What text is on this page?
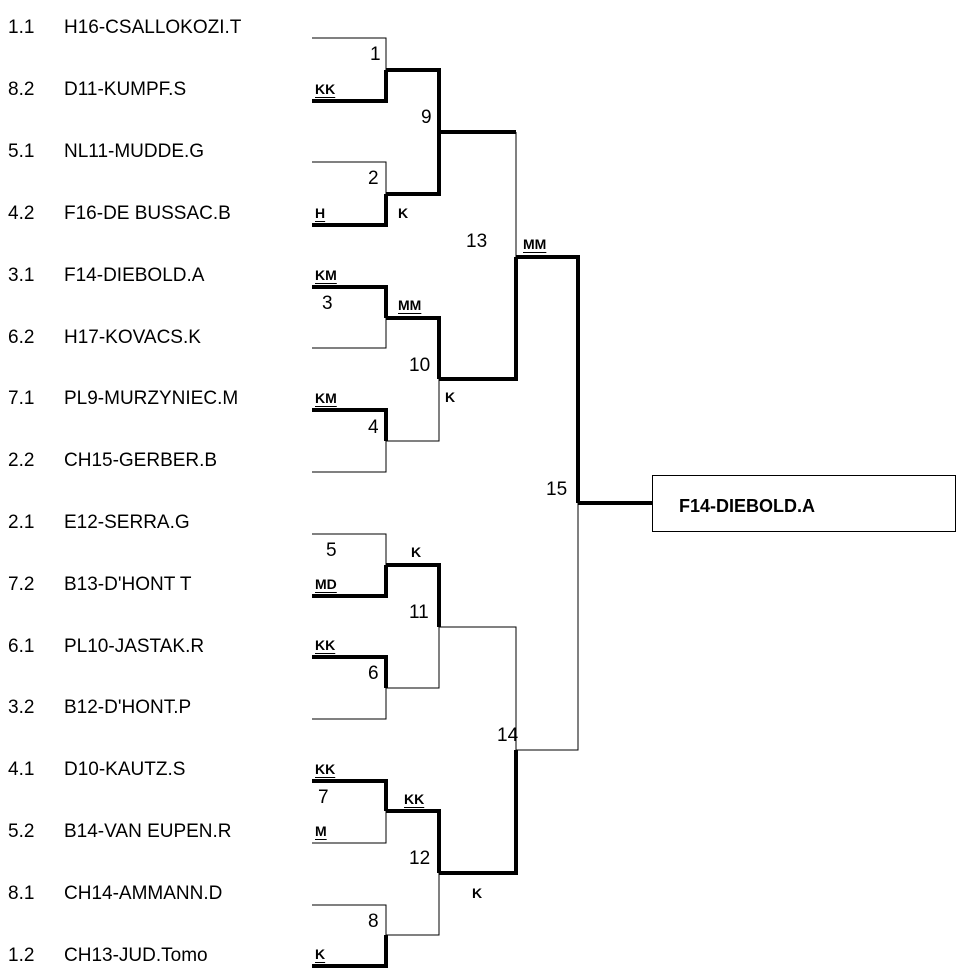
1.1 H16-CSALLOKOZI.T
8.2 D11-KUMPF.S
5.1 NL11-MUDDE.G
4.2 F16-DE BUSSAC.B
3.1 F14-DIEBOLD.A
6.2 H17-KOVACS.K
7.1 PL9-MURZYNIEC.M
2.2 CH15-GERBER.B
2.1 E12-SERRA.G
7.2 B13-D'HONT T
6.1 PL10-JASTAK.R
3.2 B12-D'HONT.P
4.1 D10-KAUTZ.S
5.2 B14-VAN EUPEN.R
8.1 CH14-AMMANN.D
1.2 CH13-JUD.Tomo
1
2
3
4
5
6
7
8
9
10
11
12
13
14
15
KK
H
KM
KM
MD
KK
KK
M
K
K
MM
K
K
KK
MM
K
F14-DIEBOLD.A
